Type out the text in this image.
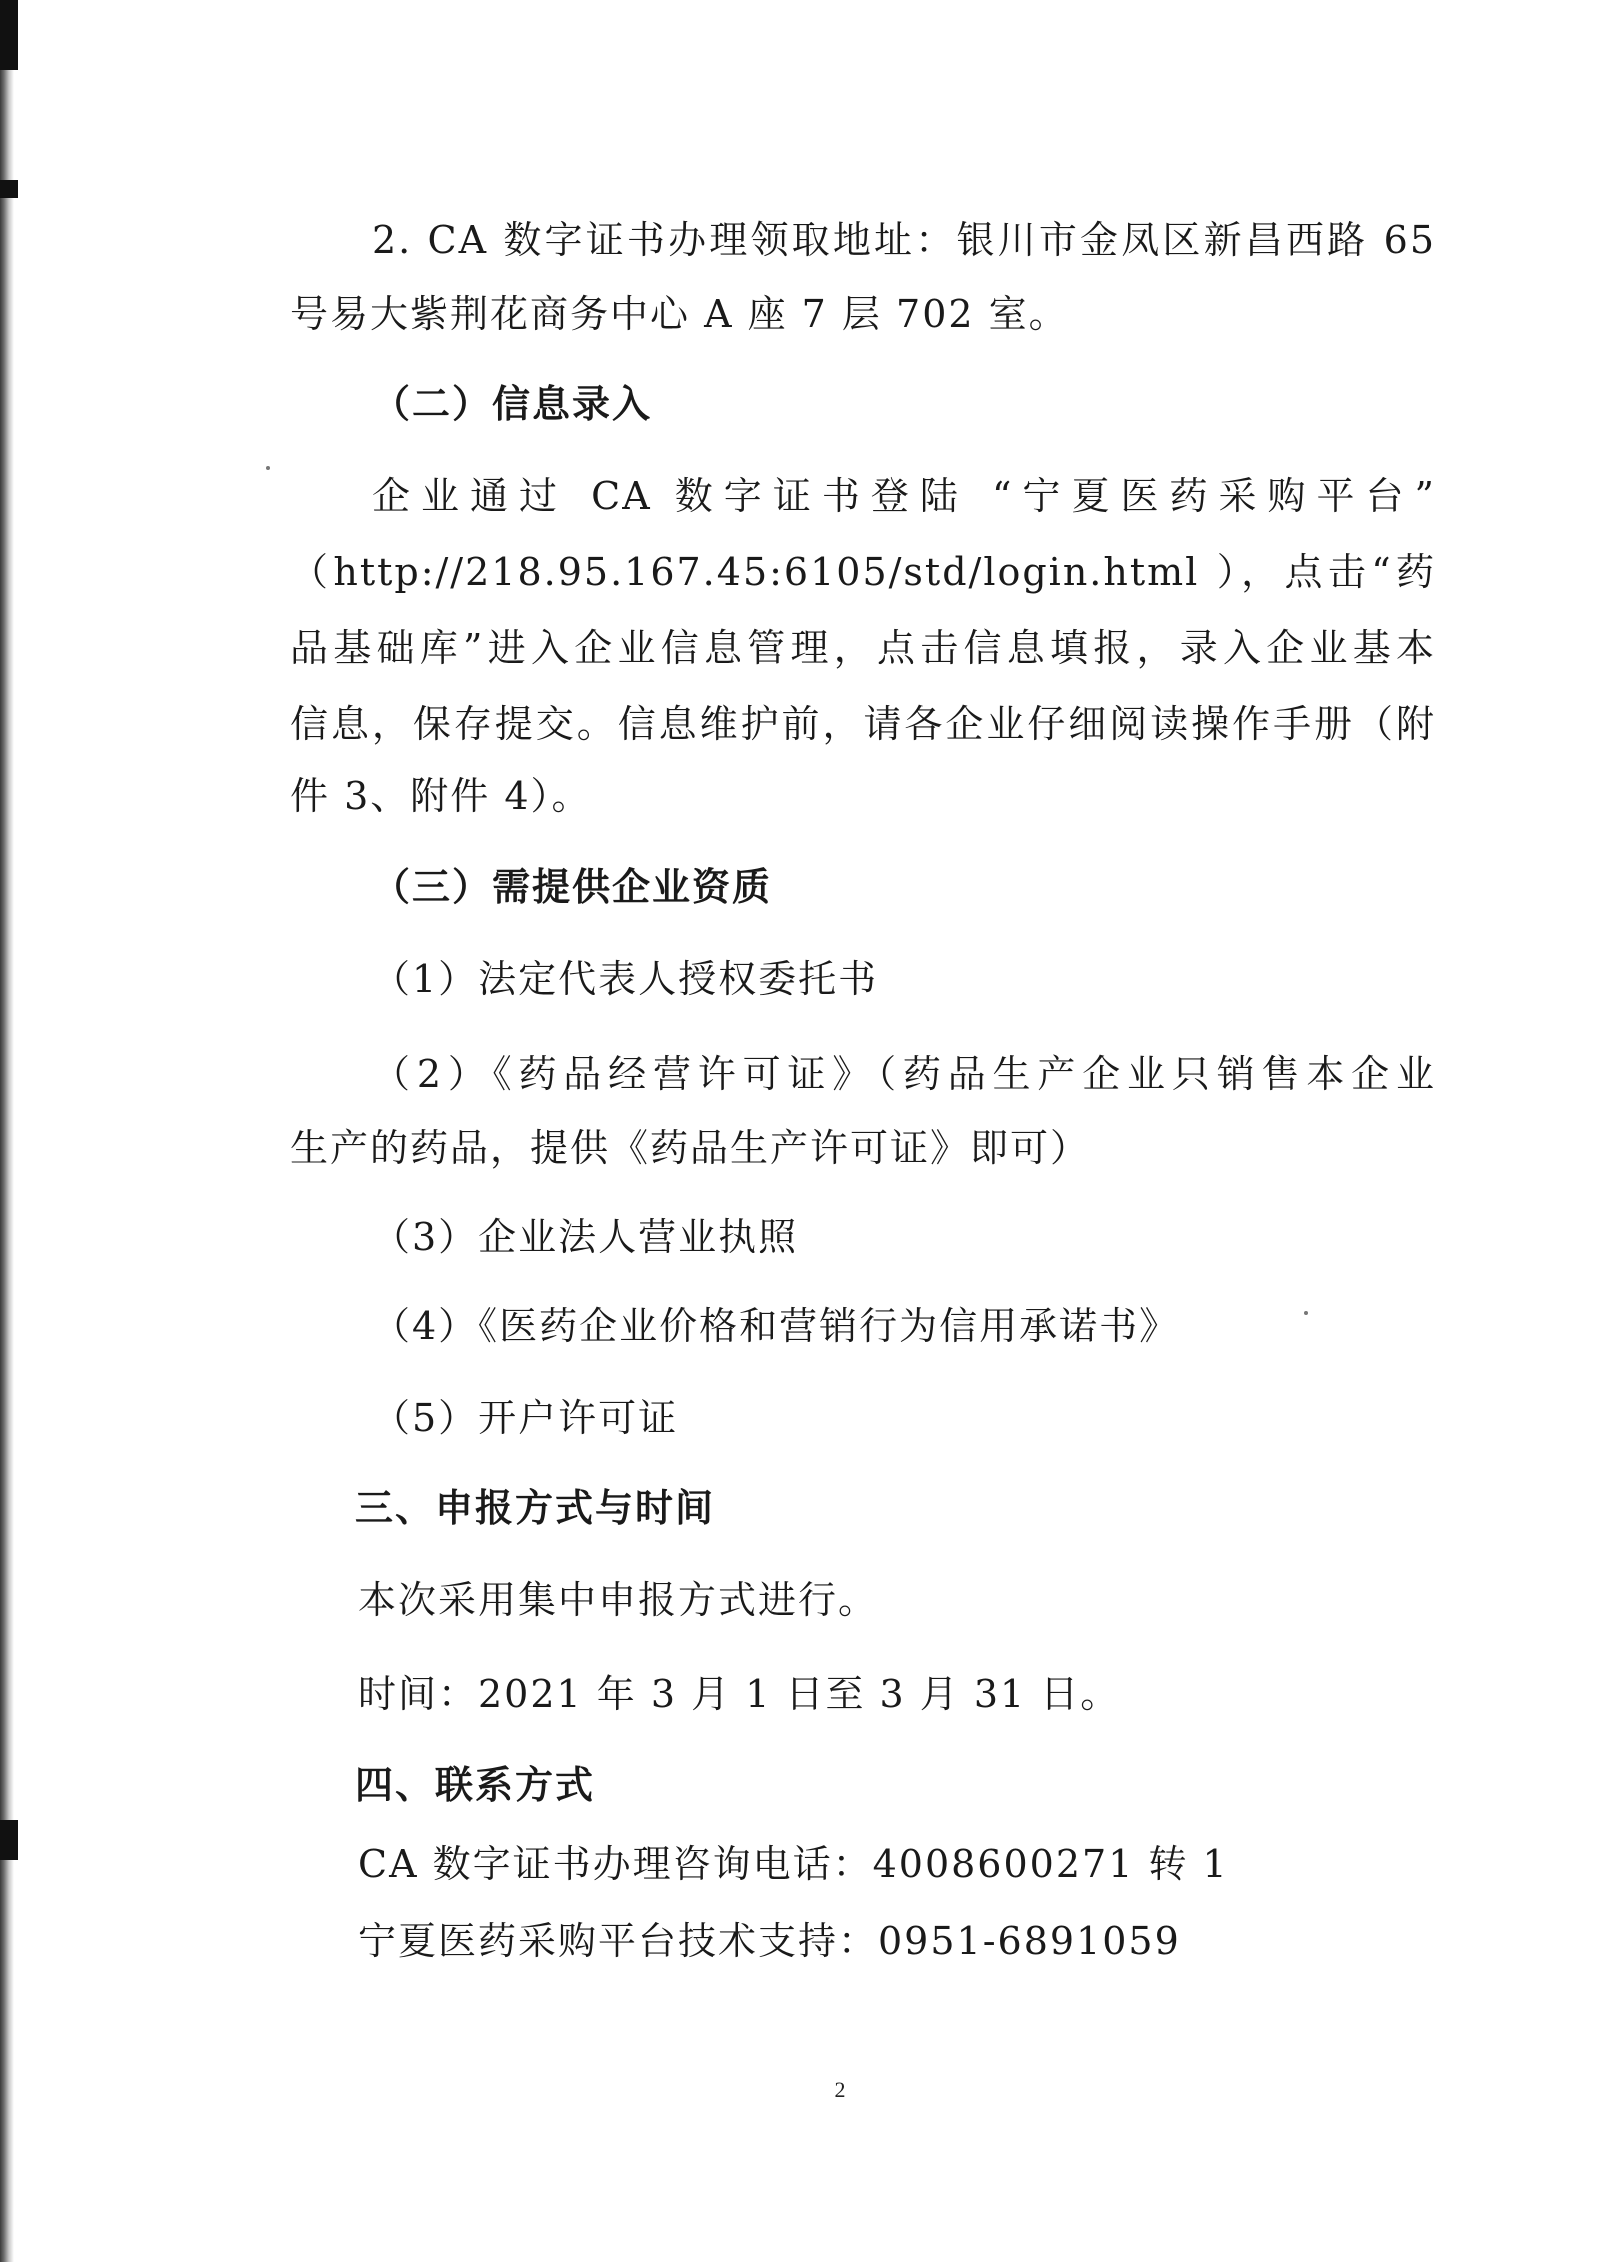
2. CA 数字证书办理领取地址：银川市金凤区新昌西路 65
号易大紫荆花商务中心 A 座 7 层 702 室。
（二）信息录入
企业通过 CA 数字证书登陆 “宁夏医药采购平台”
（http://218.95.167.45:6105/std/login.html ），点击“药
品基础库”进入企业信息管理，点击信息填报，录入企业基本
信息，保存提交。信息维护前，请各企业仔细阅读操作手册（附
件 3、附件 4）。
（三）需提供企业资质
（1）法定代表人授权委托书
（2）《药品经营许可证》（药品生产企业只销售本企业
生产的药品，提供《药品生产许可证》即可）
（3）企业法人营业执照
（4）《医药企业价格和营销行为信用承诺书》
（5）开户许可证
三、申报方式与时间
本次采用集中申报方式进行。
时间：2021 年 3 月 1 日至 3 月 31 日。
四、联系方式
CA 数字证书办理咨询电话：4008600271 转 1
宁夏医药采购平台技术支持：0951-6891059
2
